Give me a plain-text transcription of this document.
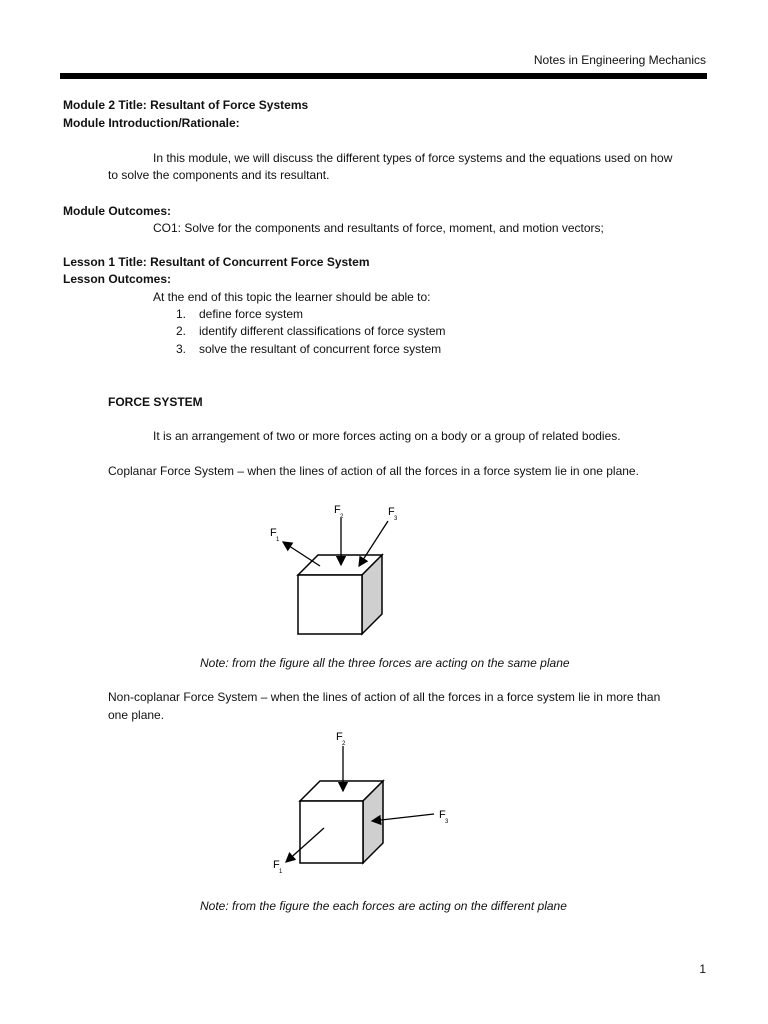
Notes in Engineering Mechanics
Module 2 Title: Resultant of Force Systems
Module Introduction/Rationale:
In this module, we will discuss the different types of force systems and the equations used on how
to solve the components and its resultant.
Module Outcomes:
CO1: Solve for the components and resultants of force, moment, and motion vectors;
Lesson 1 Title: Resultant of Concurrent Force System
Lesson Outcomes:
At the end of this topic the learner should be able to:
1. define force system
2. identify different classifications of force system
3. solve the resultant of concurrent force system
FORCE SYSTEM
It is an arrangement of two or more forces acting on a body or a group of related bodies.
Coplanar Force System – when the lines of action of all the forces in a force system lie in one plane.
F
1
F
2	F
3
Note: from the figure all the three forces are acting on the same plane
Non-coplanar Force System – when the lines of action of all the forces in a force system lie in more than
one plane.
F
2
F
3
F
1
Note: from the figure the each forces are acting on the different plane
1
